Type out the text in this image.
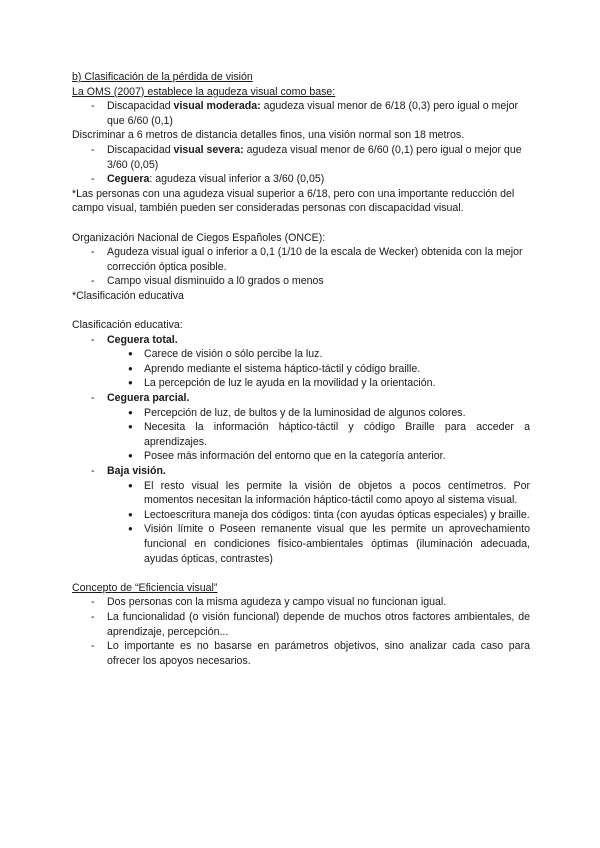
b) Clasificación de la pérdida de visión

La OMS (2007) establece la agudeza visual como base:

- Discapacidad visual moderada: agudeza visual menor de 6/18 (0,3) pero igual o mejor que 6/60 (0,1)

Discriminar a 6 metros de distancia detalles finos, una visión normal son 18 metros.

- Discapacidad visual severa: agudeza visual menor de 6/60 (0,1) pero igual o mejor que 3/60 (0,05)

- Ceguera: agudeza visual inferior a 3/60 (0,05)

*Las personas con una agudeza visual superior a 6/18, pero con una importante reducción del campo visual, también pueden ser consideradas personas con discapacidad visual.

Organización Nacional de Ciegos Españoles (ONCE):

- Agudeza visual igual o inferior a 0,1 (1/10 de la escala de Wecker) obtenida con la mejor corrección óptica posible.

- Campo visual disminuido a l0 grados o menos

*Clasificación educativa

Clasificación educativa:

- Ceguera total.

● Carece de visión o sólo percibe la luz.

● Aprendo mediante el sistema háptico-táctil y código braille.

● La percepción de luz le ayuda en la movilidad y la orientación.

- Ceguera parcial.

● Percepción de luz, de bultos y de la luminosidad de algunos colores.

● Necesita la información háptico-táctil y código Braille para acceder a aprendizajes.

● Posee más información del entorno que en la categoría anterior.

- Baja visión.

● El resto visual les permite la visión de objetos a pocos centímetros. Por momentos necesitan la información háptico-táctil como apoyo al sistema visual.

● Lectoescritura maneja dos códigos: tinta (con ayudas ópticas especiales) y braille.

● Visión límite o Poseen remanente visual que les permite un aprovechamiento funcional en condiciones físico-ambientales óptimas (iluminación adecuada, ayudas ópticas, contrastes)

Concepto de “Eficiencia visual”

- Dos personas con la misma agudeza y campo visual no funcionan igual.

- La funcionalidad (o visión funcional) depende de muchos otros factores ambientales, de aprendizaje, percepción...

- Lo importante es no basarse en parámetros objetivos, sino analizar cada caso para ofrecer los apoyos necesarios.
